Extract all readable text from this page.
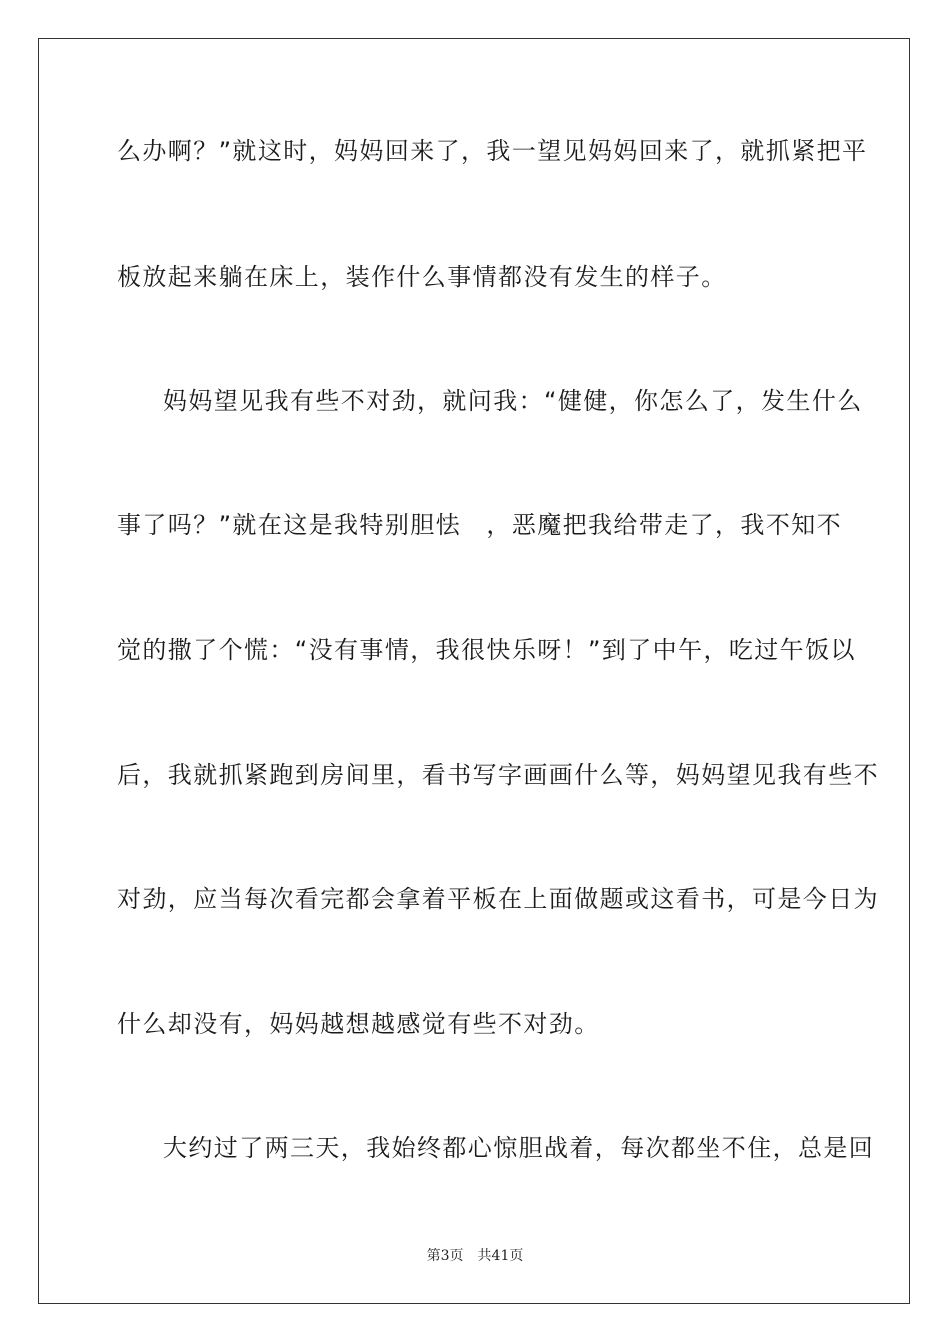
么办啊？”就这时，妈妈回来了，我一望见妈妈回来了，就抓紧把平
板放起来躺在床上，装作什么事情都没有发生的样子。
妈妈望见我有些不对劲，就问我：“健健，你怎么了，发生什么
事了吗？”就在这是我特别胆怯　，恶魔把我给带走了，我不知不
觉的撒了个慌：“没有事情，我很快乐呀！”到了中午，吃过午饭以
后，我就抓紧跑到房间里，看书写字画画什么等，妈妈望见我有些不
对劲，应当每次看完都会拿着平板在上面做题或这看书，可是今日为
什么却没有，妈妈越想越感觉有些不对劲。
大约过了两三天，我始终都心惊胆战着，每次都坐不住，总是回
第3页 共41页
